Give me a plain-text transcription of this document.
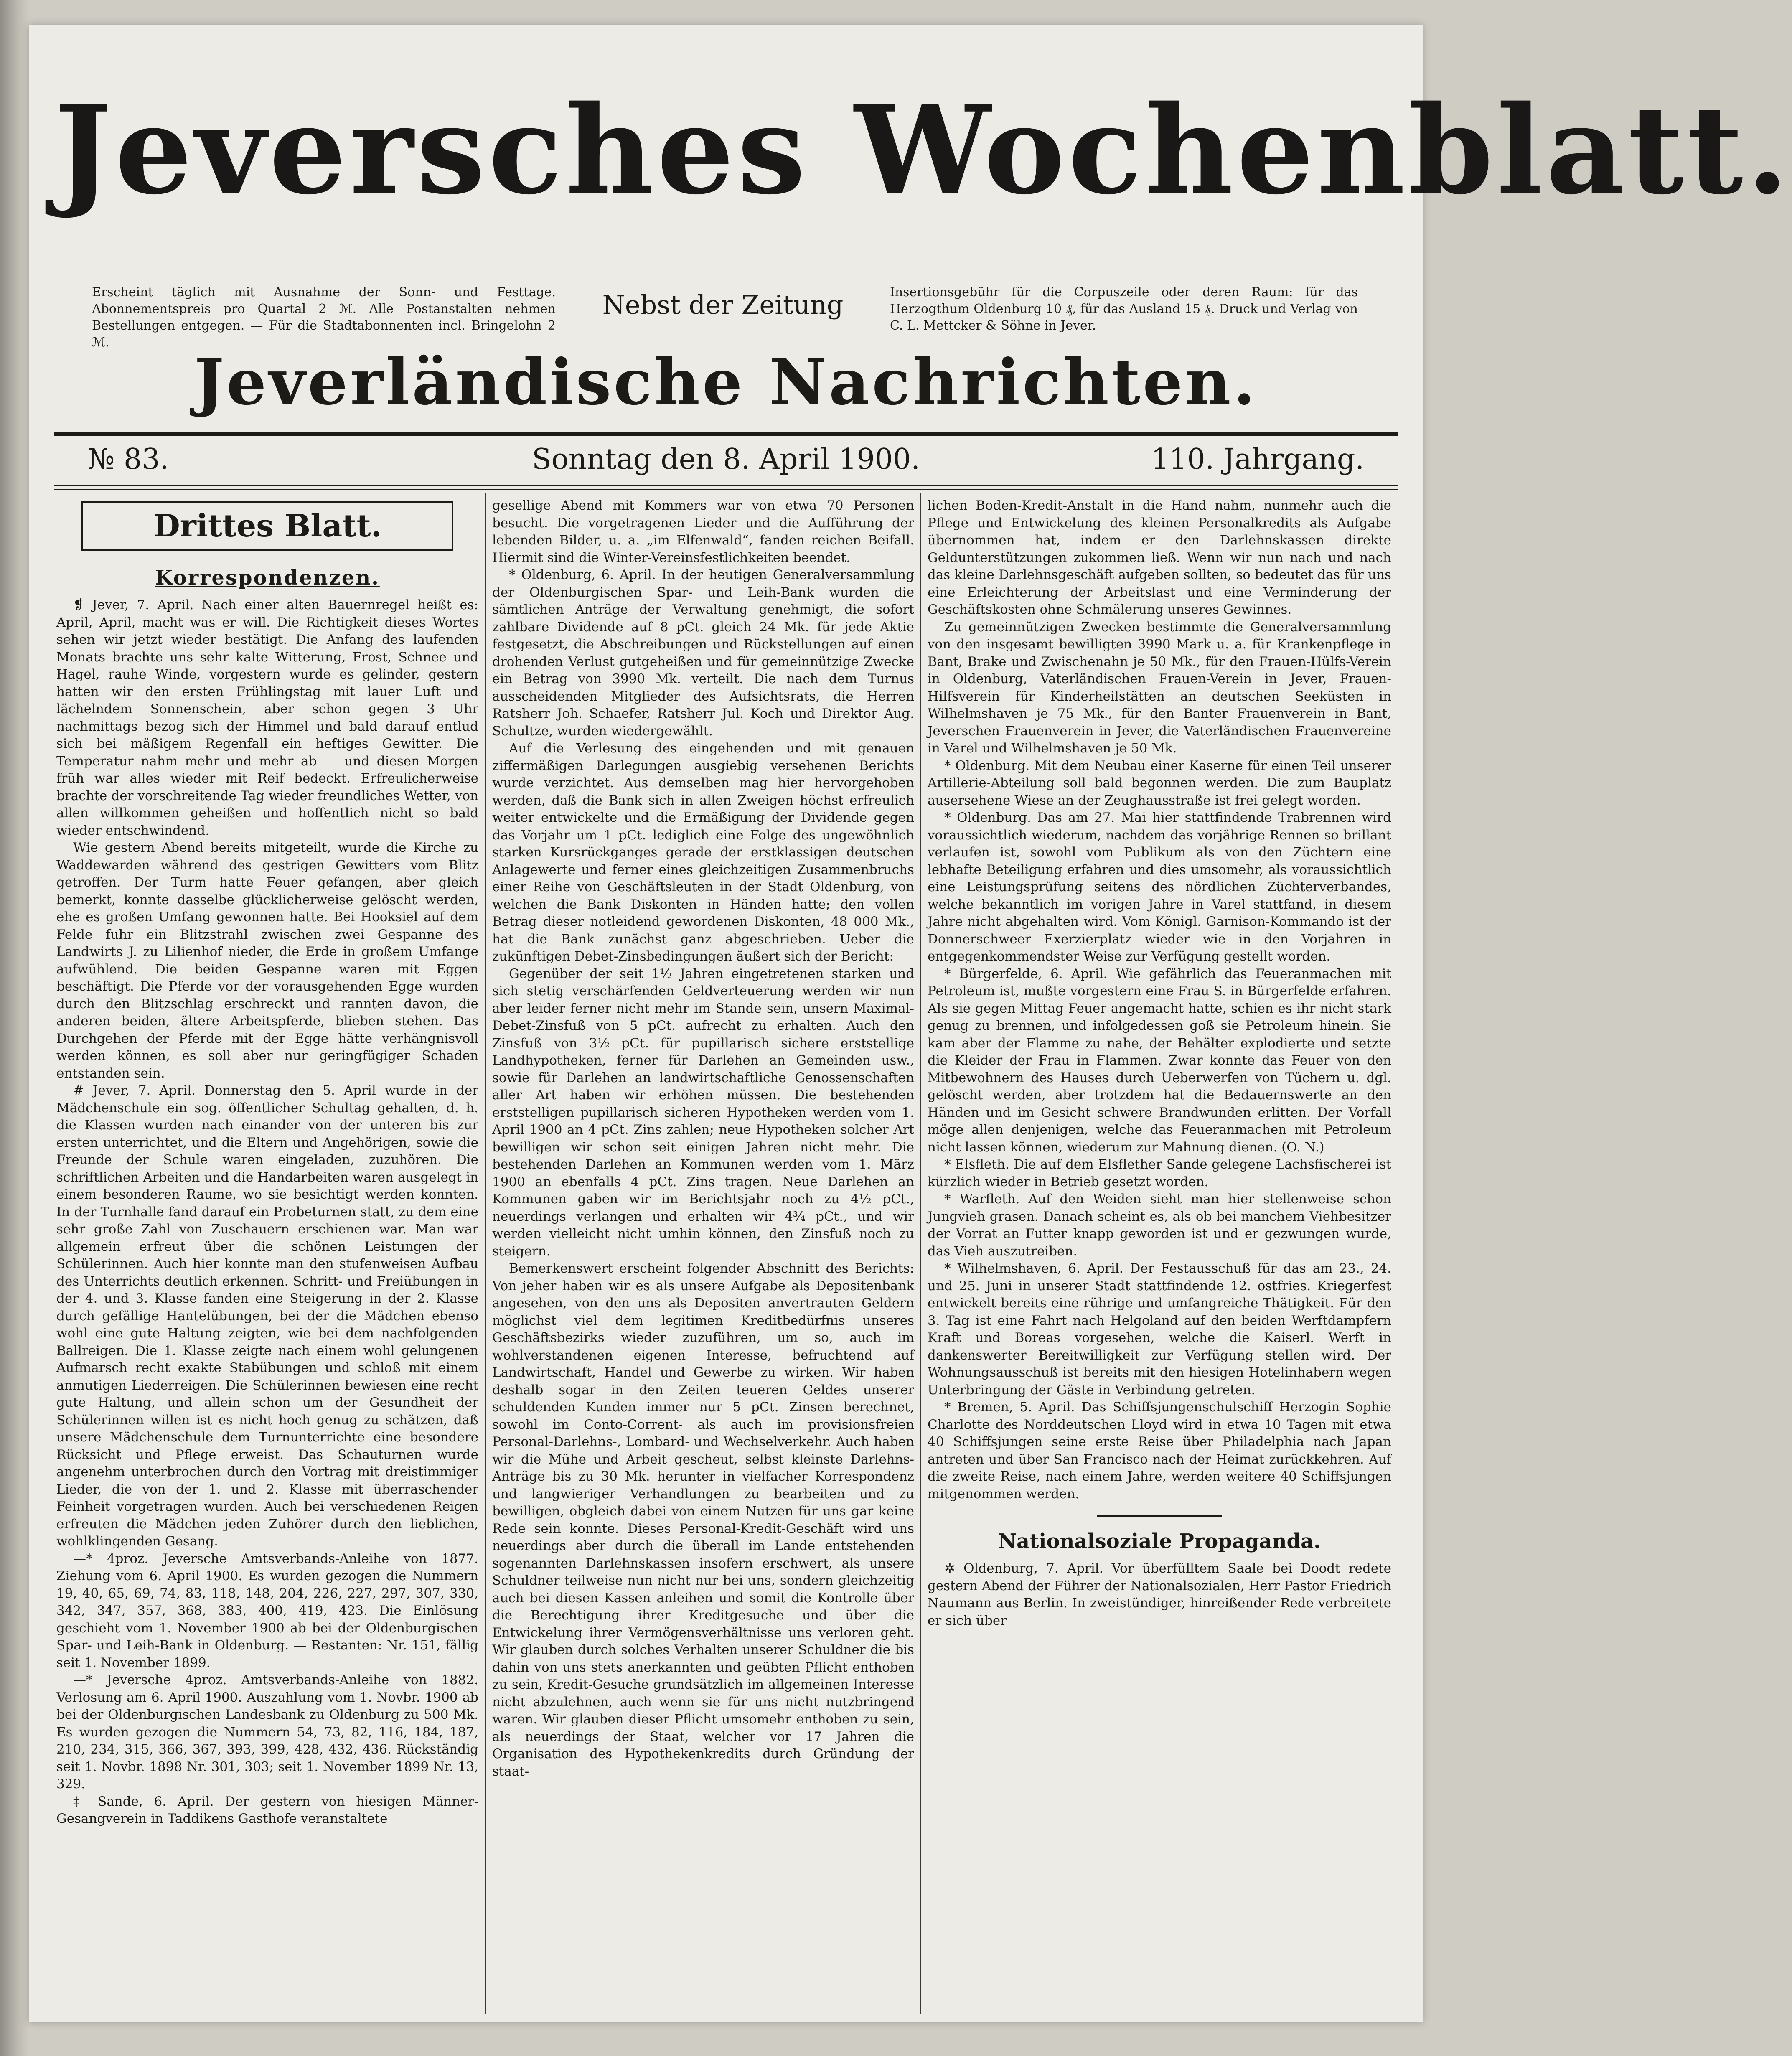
Jeversches Wochenblatt.
Erscheint täglich mit Ausnahme der Sonn- und Festtage. Abonnementspreis pro Quartal 2 ℳ. Alle Postanstalten nehmen Bestellungen entgegen. — Für die Stadtabonnenten incl. Bringelohn 2 ℳ.
Nebst der Zeitung	Insertionsgebühr für die Corpuszeile oder deren Raum: für das Herzogthum Oldenburg 10 ₰, für das Ausland 15 ₰. Druck und Verlag von C. L. Mettcker & Söhne in Jever.
Jeverländische Nachrichten.
№ 83.	Sonntag den 8. April 1900.	110. Jahrgang.
Drittes Blatt.
Korrespondenzen.

❡ Jever, 7. April. Nach einer alten Bauernregel heißt es: April, April, macht was er will. Die Richtigkeit dieses Wortes sehen wir jetzt wieder bestätigt. Die Anfang des laufenden Monats brachte uns sehr kalte Witterung, Frost, Schnee und Hagel, rauhe Winde, vorgestern wurde es gelinder, gestern hatten wir den ersten Frühlingstag mit lauer Luft und lächelndem Sonnenschein, aber schon gegen 3 Uhr nachmittags bezog sich der Himmel und bald darauf entlud sich bei mäßigem Regenfall ein heftiges Gewitter. Die Temperatur nahm mehr und mehr ab — und diesen Morgen früh war alles wieder mit Reif bedeckt. Erfreulicherweise brachte der vorschreitende Tag wieder freundliches Wetter, von allen willkommen geheißen und hoffentlich nicht so bald wieder entschwindend.

Wie gestern Abend bereits mitgeteilt, wurde die Kirche zu Waddewarden während des gestrigen Gewitters vom Blitz getroffen. Der Turm hatte Feuer gefangen, aber gleich bemerkt, konnte dasselbe glücklicherweise gelöscht werden, ehe es großen Umfang gewonnen hatte. Bei Hooksiel auf dem Felde fuhr ein Blitzstrahl zwischen zwei Gespanne des Landwirts J. zu Lilienhof nieder, die Erde in großem Umfange aufwühlend. Die beiden Gespanne waren mit Eggen beschäftigt. Die Pferde vor der vorausgehenden Egge wurden durch den Blitzschlag erschreckt und rannten davon, die anderen beiden, ältere Arbeitspferde, blieben stehen. Das Durchgehen der Pferde mit der Egge hätte verhängnisvoll werden können, es soll aber nur geringfügiger Schaden entstanden sein.

# Jever, 7. April. Donnerstag den 5. April wurde in der Mädchenschule ein sog. öffentlicher Schultag gehalten, d. h. die Klassen wurden nach einander von der unteren bis zur ersten unterrichtet, und die Eltern und Angehörigen, sowie die Freunde der Schule waren eingeladen, zuzuhören. Die schriftlichen Arbeiten und die Handarbeiten waren ausgelegt in einem besonderen Raume, wo sie besichtigt werden konnten. In der Turnhalle fand darauf ein Probeturnen statt, zu dem eine sehr große Zahl von Zuschauern erschienen war. Man war allgemein erfreut über die schönen Leistungen der Schülerinnen. Auch hier konnte man den stufenweisen Aufbau des Unterrichts deutlich erkennen. Schritt- und Freiübungen in der 4. und 3. Klasse fanden eine Steigerung in der 2. Klasse durch gefällige Hantelübungen, bei der die Mädchen ebenso wohl eine gute Haltung zeigten, wie bei dem nachfolgenden Ballreigen. Die 1. Klasse zeigte nach einem wohl gelungenen Aufmarsch recht exakte Stabübungen und schloß mit einem anmutigen Liederreigen. Die Schülerinnen bewiesen eine recht gute Haltung, und allein schon um der Gesundheit der Schülerinnen willen ist es nicht hoch genug zu schätzen, daß unsere Mädchenschule dem Turnunterrichte eine besondere Rücksicht und Pflege erweist. Das Schauturnen wurde angenehm unterbrochen durch den Vortrag mit dreistimmiger Lieder, die von der 1. und 2. Klasse mit überraschender Feinheit vorgetragen wurden. Auch bei verschiedenen Reigen erfreuten die Mädchen jeden Zuhörer durch den lieblichen, wohlklingenden Gesang.

—* 4proz. Jeversche Amtsverbands-Anleihe von 1877. Ziehung vom 6. April 1900. Es wurden gezogen die Nummern 19, 40, 65, 69, 74, 83, 118, 148, 204, 226, 227, 297, 307, 330, 342, 347, 357, 368, 383, 400, 419, 423. Die Einlösung geschieht vom 1. November 1900 ab bei der Oldenburgischen Spar- und Leih-Bank in Oldenburg. — Restanten: Nr. 151, fällig seit 1. November 1899.

—* Jeversche 4proz. Amtsverbands-Anleihe von 1882. Verlosung am 6. April 1900. Auszahlung vom 1. Novbr. 1900 ab bei der Oldenburgischen Landesbank zu Oldenburg zu 500 Mk. Es wurden gezogen die Nummern 54, 73, 82, 116, 184, 187, 210, 234, 315, 366, 367, 393, 399, 428, 432, 436. Rückständig seit 1. Novbr. 1898 Nr. 301, 303; seit 1. November 1899 Nr. 13, 329.

‡ Sande, 6. April. Der gestern von hiesigen Männer-Gesangverein in Taddikens Gasthofe veranstaltete

gesellige Abend mit Kommers war von etwa 70 Personen besucht. Die vorgetragenen Lieder und die Aufführung der lebenden Bilder, u. a. „im Elfenwald“, fanden reichen Beifall. Hiermit sind die Winter-Vereinsfestlichkeiten beendet.

* Oldenburg, 6. April. In der heutigen Generalversammlung der Oldenburgischen Spar- und Leih-Bank wurden die sämtlichen Anträge der Verwaltung genehmigt, die sofort zahlbare Dividende auf 8 pCt. gleich 24 Mk. für jede Aktie festgesetzt, die Abschreibungen und Rückstellungen auf einen drohenden Verlust gutgeheißen und für gemeinnützige Zwecke ein Betrag von 3990 Mk. verteilt. Die nach dem Turnus ausscheidenden Mitglieder des Aufsichtsrats, die Herren Ratsherr Joh. Schaefer, Ratsherr Jul. Koch und Direktor Aug. Schultze, wurden wiedergewählt.

Auf die Verlesung des eingehenden und mit genauen ziffermäßigen Darlegungen ausgiebig versehenen Berichts wurde verzichtet. Aus demselben mag hier hervorgehoben werden, daß die Bank sich in allen Zweigen höchst erfreulich weiter entwickelte und die Ermäßigung der Dividende gegen das Vorjahr um 1 pCt. lediglich eine Folge des ungewöhnlich starken Kursrückganges gerade der erstklassigen deutschen Anlagewerte und ferner eines gleichzeitigen Zusammenbruchs einer Reihe von Geschäftsleuten in der Stadt Oldenburg, von welchen die Bank Diskonten in Händen hatte; den vollen Betrag dieser notleidend gewordenen Diskonten, 48 000 Mk., hat die Bank zunächst ganz abgeschrieben. Ueber die zukünftigen Debet-Zinsbedingungen äußert sich der Bericht:

Gegenüber der seit 1½ Jahren eingetretenen starken und sich stetig verschärfenden Geldverteuerung werden wir nun aber leider ferner nicht mehr im Stande sein, unsern Maximal-Debet-Zinsfuß von 5 pCt. aufrecht zu erhalten. Auch den Zinsfuß von 3½ pCt. für pupillarisch sichere erststellige Landhypotheken, ferner für Darlehen an Gemeinden usw., sowie für Darlehen an landwirtschaftliche Genossenschaften aller Art haben wir erhöhen müssen. Die bestehenden erststelligen pupillarisch sicheren Hypotheken werden vom 1. April 1900 an 4 pCt. Zins zahlen; neue Hypotheken solcher Art bewilligen wir schon seit einigen Jahren nicht mehr. Die bestehenden Darlehen an Kommunen werden vom 1. März 1900 an ebenfalls 4 pCt. Zins tragen. Neue Darlehen an Kommunen gaben wir im Berichtsjahr noch zu 4½ pCt., neuerdings verlangen und erhalten wir 4¾ pCt., und wir werden vielleicht nicht umhin können, den Zinsfuß noch zu steigern.

Bemerkenswert erscheint folgender Abschnitt des Berichts: Von jeher haben wir es als unsere Aufgabe als Depositenbank angesehen, von den uns als Depositen anvertrauten Geldern möglichst viel dem legitimen Kreditbedürfnis unseres Geschäftsbezirks wieder zuzuführen, um so, auch im wohlverstandenen eigenen Interesse, befruchtend auf Landwirtschaft, Handel und Gewerbe zu wirken. Wir haben deshalb sogar in den Zeiten teueren Geldes unserer schuldenden Kunden immer nur 5 pCt. Zinsen berechnet, sowohl im Conto-Corrent- als auch im provisionsfreien Personal-Darlehns-, Lombard- und Wechselverkehr. Auch haben wir die Mühe und Arbeit gescheut, selbst kleinste Darlehns-Anträge bis zu 30 Mk. herunter in vielfacher Korrespondenz und langwieriger Verhandlungen zu bearbeiten und zu bewilligen, obgleich dabei von einem Nutzen für uns gar keine Rede sein konnte. Dieses Personal-Kredit-Geschäft wird uns neuerdings aber durch die überall im Lande entstehenden sogenannten Darlehnskassen insofern erschwert, als unsere Schuldner teilweise nun nicht nur bei uns, sondern gleichzeitig auch bei diesen Kassen anleihen und somit die Kontrolle über die Berechtigung ihrer Kreditgesuche und über die Entwickelung ihrer Vermögensverhältnisse uns verloren geht. Wir glauben durch solches Verhalten unserer Schuldner die bis dahin von uns stets anerkannten und geübten Pflicht enthoben zu sein, Kredit-Gesuche grundsätzlich im allgemeinen Interesse nicht abzulehnen, auch wenn sie für uns nicht nutzbringend waren. Wir glauben dieser Pflicht umsomehr enthoben zu sein, als neuerdings der Staat, welcher vor 17 Jahren die Organisation des Hypothekenkredits durch Gründung der staat-

lichen Boden-Kredit-Anstalt in die Hand nahm, nunmehr auch die Pflege und Entwickelung des kleinen Personalkredits als Aufgabe übernommen hat, indem er den Darlehnskassen direkte Geldunterstützungen zukommen ließ. Wenn wir nun nach und nach das kleine Darlehnsgeschäft aufgeben sollten, so bedeutet das für uns eine Erleichterung der Arbeitslast und eine Verminderung der Geschäftskosten ohne Schmälerung unseres Gewinnes.

Zu gemeinnützigen Zwecken bestimmte die Generalversammlung von den insgesamt bewilligten 3990 Mark u. a. für Krankenpflege in Bant, Brake und Zwischenahn je 50 Mk., für den Frauen-Hülfs-Verein in Oldenburg, Vaterländischen Frauen-Verein in Jever, Frauen-Hilfsverein für Kinderheilstätten an deutschen Seeküsten in Wilhelmshaven je 75 Mk., für den Banter Frauenverein in Bant, Jeverschen Frauenverein in Jever, die Vaterländischen Frauenvereine in Varel und Wilhelmshaven je 50 Mk.

* Oldenburg. Mit dem Neubau einer Kaserne für einen Teil unserer Artillerie-Abteilung soll bald begonnen werden. Die zum Bauplatz ausersehene Wiese an der Zeughausstraße ist frei gelegt worden.

* Oldenburg. Das am 27. Mai hier stattfindende Trabrennen wird voraussichtlich wiederum, nachdem das vorjährige Rennen so brillant verlaufen ist, sowohl vom Publikum als von den Züchtern eine lebhafte Beteiligung erfahren und dies umsomehr, als voraussichtlich eine Leistungsprüfung seitens des nördlichen Züchterverbandes, welche bekanntlich im vorigen Jahre in Varel stattfand, in diesem Jahre nicht abgehalten wird. Vom Königl. Garnison-Kommando ist der Donnerschweer Exerzierplatz wieder wie in den Vorjahren in entgegenkommendster Weise zur Verfügung gestellt worden.

* Bürgerfelde, 6. April. Wie gefährlich das Feueranmachen mit Petroleum ist, mußte vorgestern eine Frau S. in Bürgerfelde erfahren. Als sie gegen Mittag Feuer angemacht hatte, schien es ihr nicht stark genug zu brennen, und infolgedessen goß sie Petroleum hinein. Sie kam aber der Flamme zu nahe, der Behälter explodierte und setzte die Kleider der Frau in Flammen. Zwar konnte das Feuer von den Mitbewohnern des Hauses durch Ueberwerfen von Tüchern u. dgl. gelöscht werden, aber trotzdem hat die Bedauernswerte an den Händen und im Gesicht schwere Brandwunden erlitten. Der Vorfall möge allen denjenigen, welche das Feueranmachen mit Petroleum nicht lassen können, wiederum zur Mahnung dienen. (O. N.)

* Elsfleth. Die auf dem Elsflether Sande gelegene Lachsfischerei ist kürzlich wieder in Betrieb gesetzt worden.

* Warfleth. Auf den Weiden sieht man hier stellenweise schon Jungvieh grasen. Danach scheint es, als ob bei manchem Viehbesitzer der Vorrat an Futter knapp geworden ist und er gezwungen wurde, das Vieh auszutreiben.

* Wilhelmshaven, 6. April. Der Festausschuß für das am 23., 24. und 25. Juni in unserer Stadt stattfindende 12. ostfries. Kriegerfest entwickelt bereits eine rührige und umfangreiche Thätigkeit. Für den 3. Tag ist eine Fahrt nach Helgoland auf den beiden Werftdampfern Kraft und Boreas vorgesehen, welche die Kaiserl. Werft in dankenswerter Bereitwilligkeit zur Verfügung stellen wird. Der Wohnungsausschuß ist bereits mit den hiesigen Hotelinhabern wegen Unterbringung der Gäste in Verbindung getreten.

* Bremen, 5. April. Das Schiffsjungenschulschiff Herzogin Sophie Charlotte des Norddeutschen Lloyd wird in etwa 10 Tagen mit etwa 40 Schiffsjungen seine erste Reise über Philadelphia nach Japan antreten und über San Francisco nach der Heimat zurückkehren. Auf die zweite Reise, nach einem Jahre, werden weitere 40 Schiffsjungen mitgenommen werden.

Nationalsoziale Propaganda.

✲ Oldenburg, 7. April. Vor überfülltem Saale bei Doodt redete gestern Abend der Führer der Nationalsozialen, Herr Pastor Friedrich Naumann aus Berlin. In zweistündiger, hinreißender Rede verbreitete er sich über
